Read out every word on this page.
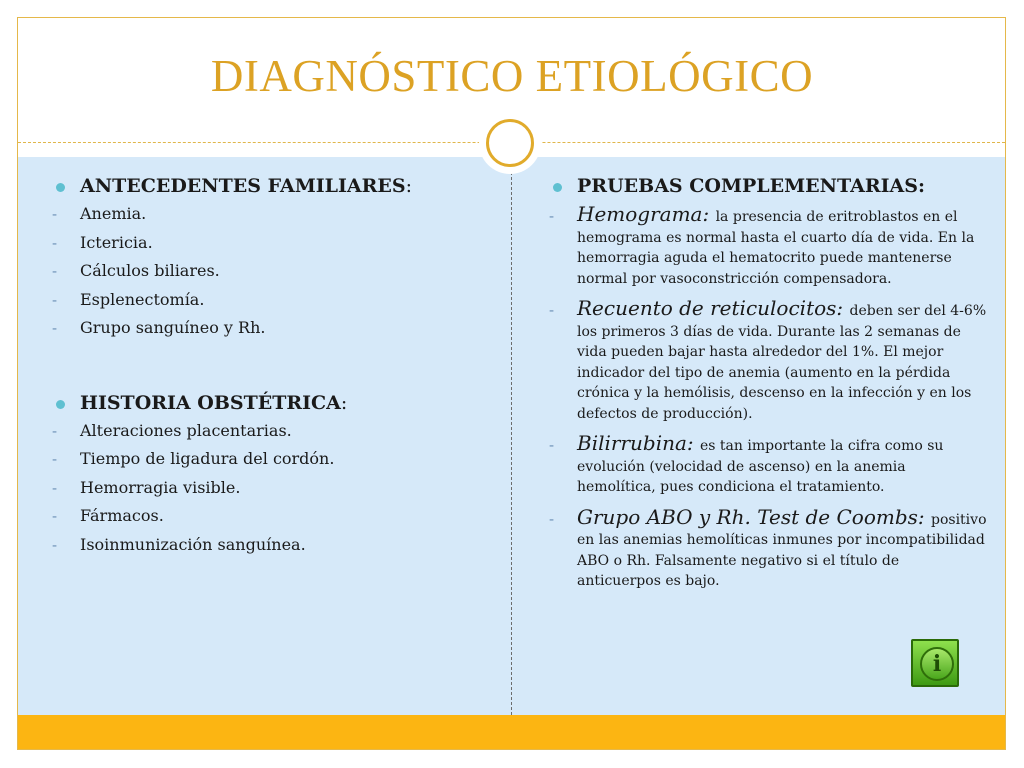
DIAGNÓSTICO ETIOLÓGICO
ANTECEDENTES FAMILIARES:
- Anemia.
- Ictericia.
- Cálculos biliares.
- Esplenectomía.
- Grupo sanguíneo y Rh.
HISTORIA OBSTÉTRICA:
- Alteraciones placentarias.
- Tiempo de ligadura del cordón.
- Hemorragia visible.
- Fármacos.
- Isoinmunización sanguínea.
PRUEBAS COMPLEMENTARIAS:
- Hemograma: la presencia de eritroblastos en el hemograma es normal hasta el cuarto día de vida. En la hemorragia aguda el hematocrito puede mantenerse normal por vasoconstricción compensadora.
- Recuento de reticulocitos: deben ser del 4-6% los primeros 3 días de vida. Durante las 2 semanas de vida pueden bajar hasta alrededor del 1%. El mejor indicador del tipo de anemia (aumento en la pérdida crónica y la hemólisis, descenso en la infección y en los defectos de producción).
- Bilirrubina: es tan importante la cifra como su evolución (velocidad de ascenso) en la anemia hemolítica, pues condiciona el tratamiento.
- Grupo ABO y Rh. Test de Coombs: positivo en las anemias hemolíticas inmunes por incompatibilidad ABO o Rh. Falsamente negativo si el título de anticuerpos es bajo.
i
